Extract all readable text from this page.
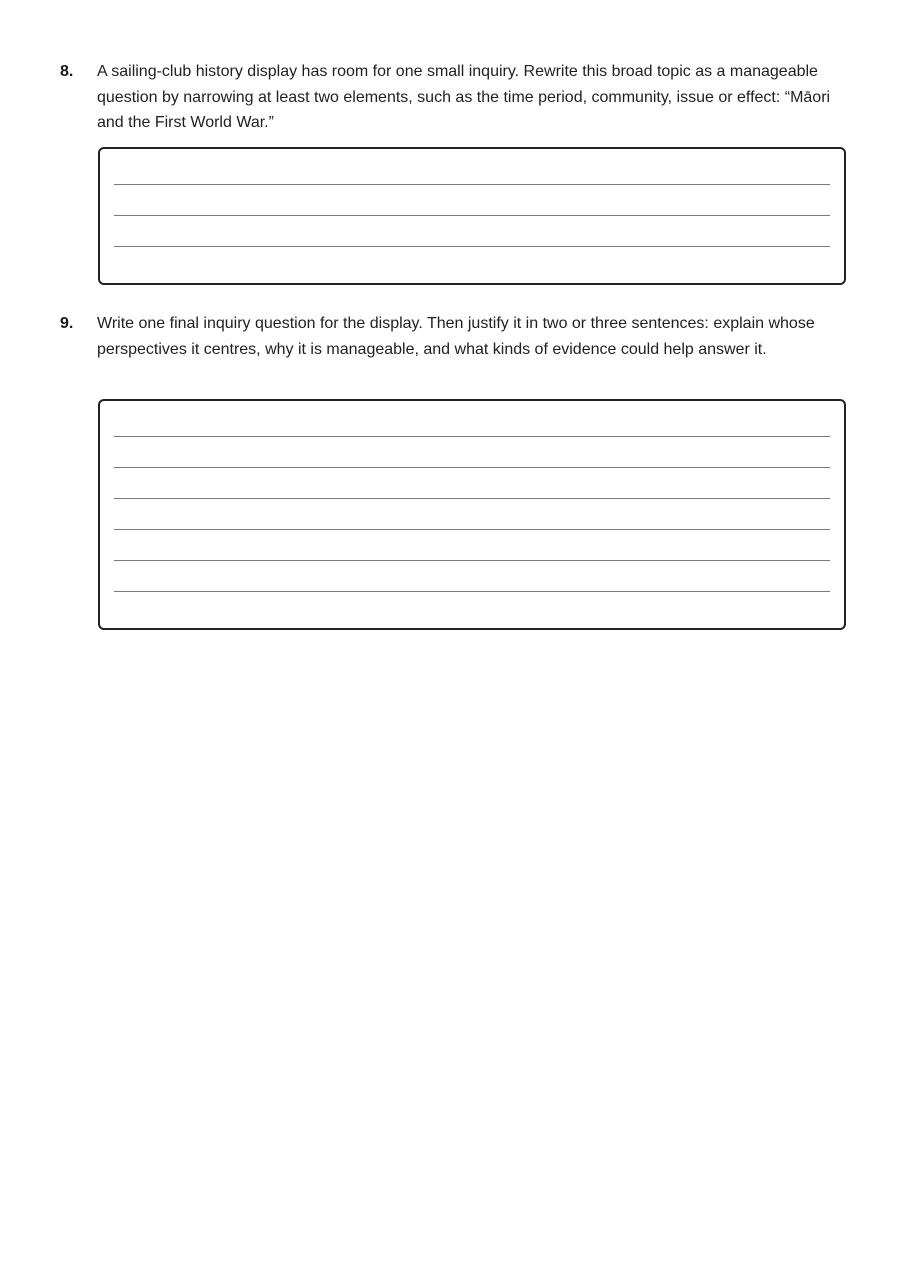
8. A sailing-club history display has room for one small inquiry. Rewrite this broad topic as a manageable question by narrowing at least two elements, such as the time period, community, issue or effect: “Māori and the First World War.”
9. Write one final inquiry question for the display. Then justify it in two or three sentences: explain whose perspectives it centres, why it is manageable, and what kinds of evidence could help answer it.
